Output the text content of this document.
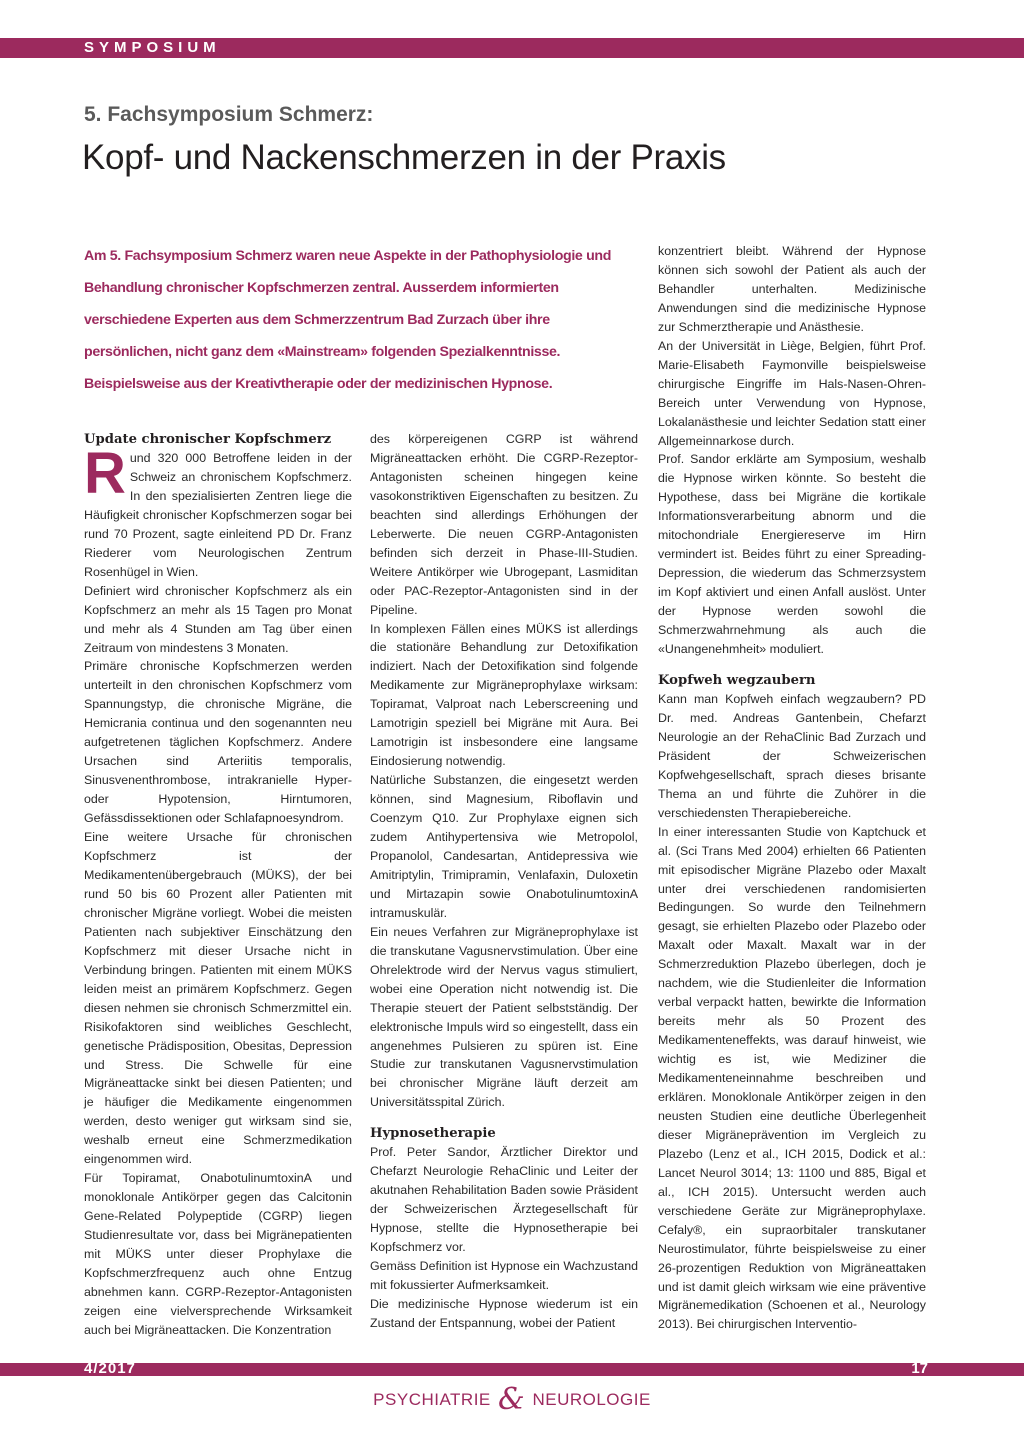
SYMPOSIUM
5. Fachsymposium Schmerz:
Kopf- und Nackenschmerzen in der Praxis
Am 5. Fachsymposium Schmerz waren neue Aspekte in der Pathophysiologie und Behandlung chronischer Kopfschmerzen zentral. Ausserdem informierten verschiedene Experten aus dem Schmerzzentrum Bad Zurzach über ihre persönlichen, nicht ganz dem «Mainstream» folgenden Spezialkenntnisse. Beispielsweise aus der Kreativtherapie oder der medizinischen Hypnose.
Update chronischer Kopfschmerz

Rund 320 000 Betroffene leiden in der Schweiz an chronischem Kopfschmerz. In den spezialisierten Zentren liege die Häufigkeit chronischer Kopfschmerzen sogar bei rund 70 Prozent, sagte einleitend PD Dr. Franz Riederer vom Neurologischen Zentrum Rosenhügel in Wien.

Definiert wird chronischer Kopfschmerz als ein Kopfschmerz an mehr als 15 Tagen pro Monat und mehr als 4 Stunden am Tag über einen Zeitraum von mindestens 3 Monaten.

Primäre chronische Kopfschmerzen werden unterteilt in den chronischen Kopfschmerz vom Spannungstyp, die chronische Migräne, die Hemicrania continua und den sogenannten neu aufgetretenen täglichen Kopfschmerz. Andere Ursachen sind Arteriitis temporalis, Sinusvenenthrombose, intrakranielle Hyper- oder Hypotension, Hirntumoren, Gefässdissektionen oder Schlafapnoesyndrom.

Eine weitere Ursache für chronischen Kopfschmerz ist der Medikamentenübergebrauch (MÜKS), der bei rund 50 bis 60 Prozent aller Patienten mit chronischer Migräne vorliegt. Wobei die meisten Patienten nach subjektiver Einschätzung den Kopfschmerz mit dieser Ursache nicht in Verbindung bringen. Patienten mit einem MÜKS leiden meist an primärem Kopfschmerz. Gegen diesen nehmen sie chronisch Schmerzmittel ein. Risikofaktoren sind weibliches Geschlecht, genetische Prädisposition, Obesitas, Depression und Stress. Die Schwelle für eine Migräneattacke sinkt bei diesen Patienten; und je häufiger die Medikamente eingenommen werden, desto weniger gut wirksam sind sie, weshalb erneut eine Schmerzmedikation eingenommen wird.

Für Topiramat, OnabotulinumtoxinA und monoklonale Antikörper gegen das Calcitonin Gene-Related Polypeptide (CGRP) liegen Studienresultate vor, dass bei Migränepatienten mit MÜKS unter dieser Prophylaxe die Kopfschmerzfrequenz auch ohne Entzug abnehmen kann. CGRP-Rezeptor-Antagonisten zeigen eine vielversprechende Wirksamkeit auch bei Migräneattacken. Die Konzentration

des körpereigenen CGRP ist während Migräneattacken erhöht. Die CGRP-Rezeptor-Antagonisten scheinen hingegen keine vasokonstriktiven Eigenschaften zu besitzen. Zu beachten sind allerdings Erhöhungen der Leberwerte. Die neuen CGRP-Antagonisten befinden sich derzeit in Phase-III-Studien. Weitere Antikörper wie Ubrogepant, Lasmiditan oder PAC-Rezeptor-Antagonisten sind in der Pipeline.

In komplexen Fällen eines MÜKS ist allerdings die stationäre Behandlung zur Detoxifikation indiziert. Nach der Detoxifikation sind folgende Medikamente zur Migräneprophylaxe wirksam: Topiramat, Valproat nach Leberscreening und Lamotrigin speziell bei Migräne mit Aura. Bei Lamotrigin ist insbesondere eine langsame Eindosierung notwendig.

Natürliche Substanzen, die eingesetzt werden können, sind Magnesium, Riboflavin und Coenzym Q10. Zur Prophylaxe eignen sich zudem Antihypertensiva wie Metropolol, Propanolol, Candesartan, Antidepressiva wie Amitriptylin, Trimipramin, Venlafaxin, Duloxetin und Mirtazapin sowie OnabotulinumtoxinA intramuskulär.

Ein neues Verfahren zur Migräneprophylaxe ist die transkutane Vagusnervstimulation. Über eine Ohrelektrode wird der Nervus vagus stimuliert, wobei eine Operation nicht notwendig ist. Die Therapie steuert der Patient selbstständig. Der elektronische Impuls wird so eingestellt, dass ein angenehmes Pulsieren zu spüren ist. Eine Studie zur transkutanen Vagusnervstimulation bei chronischer Migräne läuft derzeit am Universitätsspital Zürich.

Hypnosetherapie

Prof. Peter Sandor, Ärztlicher Direktor und Chefarzt Neurologie RehaClinic und Leiter der akutnahen Rehabilitation Baden sowie Präsident der Schweizerischen Ärztegesellschaft für Hypnose, stellte die Hypnosetherapie bei Kopfschmerz vor.

Gemäss Definition ist Hypnose ein Wachzustand mit fokussierter Aufmerksamkeit.

Die medizinische Hypnose wiederum ist ein Zustand der Entspannung, wobei der Patient

konzentriert bleibt. Während der Hypnose können sich sowohl der Patient als auch der Behandler unterhalten. Medizinische Anwendungen sind die medizinische Hypnose zur Schmerztherapie und Anästhesie.

An der Universität in Liège, Belgien, führt Prof. Marie-Elisabeth Faymonville beispielsweise chirurgische Eingriffe im Hals-Nasen-Ohren-Bereich unter Verwendung von Hypnose, Lokalanästhesie und leichter Sedation statt einer Allgemeinnarkose durch.

Prof. Sandor erklärte am Symposium, weshalb die Hypnose wirken könnte. So besteht die Hypothese, dass bei Migräne die kortikale Informationsverarbeitung abnorm und die mitochondriale Energiereserve im Hirn vermindert ist. Beides führt zu einer Spreading-Depression, die wiederum das Schmerzsystem im Kopf aktiviert und einen Anfall auslöst. Unter der Hypnose werden sowohl die Schmerzwahrnehmung als auch die «Unangenehmheit» moduliert.

Kopfweh wegzaubern

Kann man Kopfweh einfach wegzaubern? PD Dr. med. Andreas Gantenbein, Chefarzt Neurologie an der RehaClinic Bad Zurzach und Präsident der Schweizerischen Kopfwehgesellschaft, sprach dieses brisante Thema an und führte die Zuhörer in die verschiedensten Therapiebereiche.

In einer interessanten Studie von Kaptchuck et al. (Sci Trans Med 2004) erhielten 66 Patienten mit episodischer Migräne Plazebo oder Maxalt unter drei verschiedenen randomisierten Bedingungen. So wurde den Teilnehmern gesagt, sie erhielten Plazebo oder Plazebo oder Maxalt oder Maxalt. Maxalt war in der Schmerzreduktion Plazebo überlegen, doch je nachdem, wie die Studienleiter die Information verbal verpackt hatten, bewirkte die Information bereits mehr als 50 Prozent des Medikamenteneffekts, was darauf hinweist, wie wichtig es ist, wie Mediziner die Medikamenteneinnahme beschreiben und erklären. Monoklonale Antikörper zeigen in den neusten Studien eine deutliche Überlegenheit dieser Migräneprävention im Vergleich zu Plazebo (Lenz et al., ICH 2015, Dodick et al.: Lancet Neurol 3014; 13: 1100 und 885, Bigal et al., ICH 2015). Untersucht werden auch verschiedene Geräte zur Migräneprophylaxe. Cefaly®, ein supraorbitaler transkutaner Neurostimulator, führte beispielsweise zu einer 26-prozentigen Reduktion von Migräneattaken und ist damit gleich wirksam wie eine präventive Migränemedikation (Schoenen et al., Neurology 2013). Bei chirurgischen Interventio-

4/2017	17
PSYCHIATRIE & NEUROLOGIE
